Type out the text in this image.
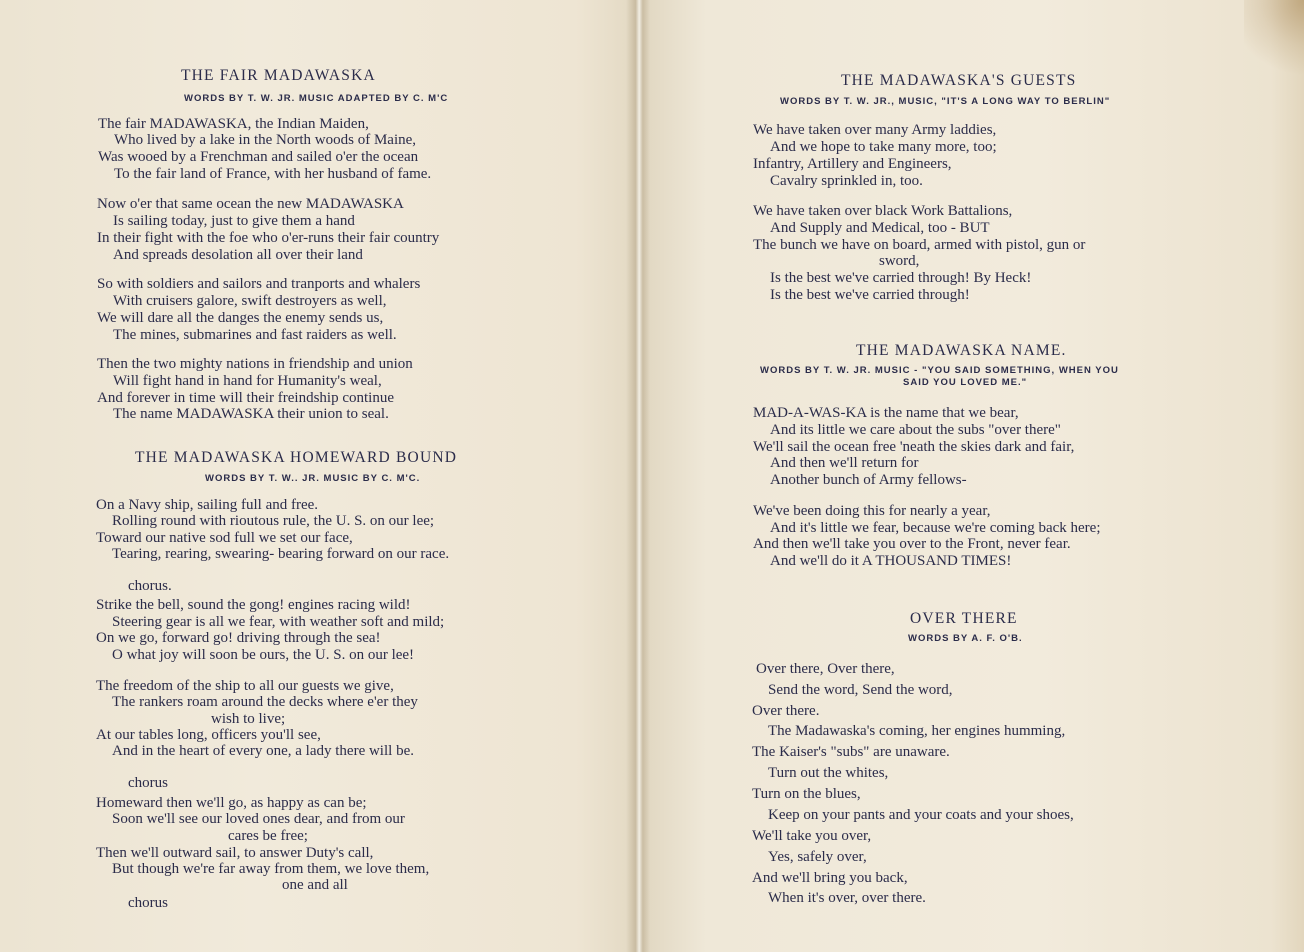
THE FAIR MADAWASKA
WORDS BY T. W. JR. MUSIC ADAPTED BY C. M'C
The fair MADAWASKA, the Indian Maiden,
Who lived by a lake in the North woods of Maine,
Was wooed by a Frenchman and sailed o'er the ocean
To the fair land of France, with her husband of fame.
Now o'er that same ocean the new MADAWASKA
Is sailing today, just to give them a hand
In their fight with the foe who o'er-runs their fair country
And spreads desolation all over their land
So with soldiers and sailors and tranports and whalers
With cruisers galore, swift destroyers as well,
We will dare all the danges the enemy sends us,
The mines, submarines and fast raiders as well.
Then the two mighty nations in friendship and union
Will fight hand in hand for Humanity's weal,
And forever in time will their freindship continue
The name MADAWASKA their union to seal.
THE MADAWASKA HOMEWARD BOUND
WORDS BY T. W.. JR. MUSIC BY C. M'C.
On a Navy ship, sailing full and free.
Rolling round with rioutous rule, the U. S. on our lee;
Toward our native sod full we set our face,
Tearing, rearing, swearing- bearing forward on our race.
chorus.
Strike the bell, sound the gong! engines racing wild!
Steering gear is all we fear, with weather soft and mild;
On we go, forward go! driving through the sea!
O what joy will soon be ours, the U. S. on our lee!
The freedom of the ship to all our guests we give,
The rankers roam around the decks where e'er they
wish to live;
At our tables long, officers you'll see,
And in the heart of every one, a lady there will be.
chorus
Homeward then we'll go, as happy as can be;
Soon we'll see our loved ones dear, and from our
cares be free;
Then we'll outward sail, to answer Duty's call,
But though we're far away from them, we love them,
one and all
chorus
THE MADAWASKA'S GUESTS
WORDS BY T. W. JR., MUSIC, "IT'S A LONG WAY TO BERLIN"
We have taken over many Army laddies,
And we hope to take many more, too;
Infantry, Artillery and Engineers,
Cavalry sprinkled in, too.
We have taken over black Work Battalions,
And Supply and Medical, too - BUT
The bunch we have on board, armed with pistol, gun or
sword,
Is the best we've carried through! By Heck!
Is the best we've carried through!
THE MADAWASKA NAME.
WORDS BY T. W. JR. MUSIC - "YOU SAID SOMETHING, WHEN YOU
SAID YOU LOVED ME."
MAD-A-WAS-KA is the name that we bear,
And its little we care about the subs "over there"
We'll sail the ocean free 'neath the skies dark and fair,
And then we'll return for
Another bunch of Army fellows-
We've been doing this for nearly a year,
And it's little we fear, because we're coming back here;
And then we'll take you over to the Front, never fear.
And we'll do it A THOUSAND TIMES!
OVER THERE
WORDS BY A. F. O'B.
Over there, Over there,
Send the word, Send the word,
Over there.
The Madawaska's coming, her engines humming,
The Kaiser's "subs" are unaware.
Turn out the whites,
Turn on the blues,
Keep on your pants and your coats and your shoes,
We'll take you over,
Yes, safely over,
And we'll bring you back,
When it's over, over there.
